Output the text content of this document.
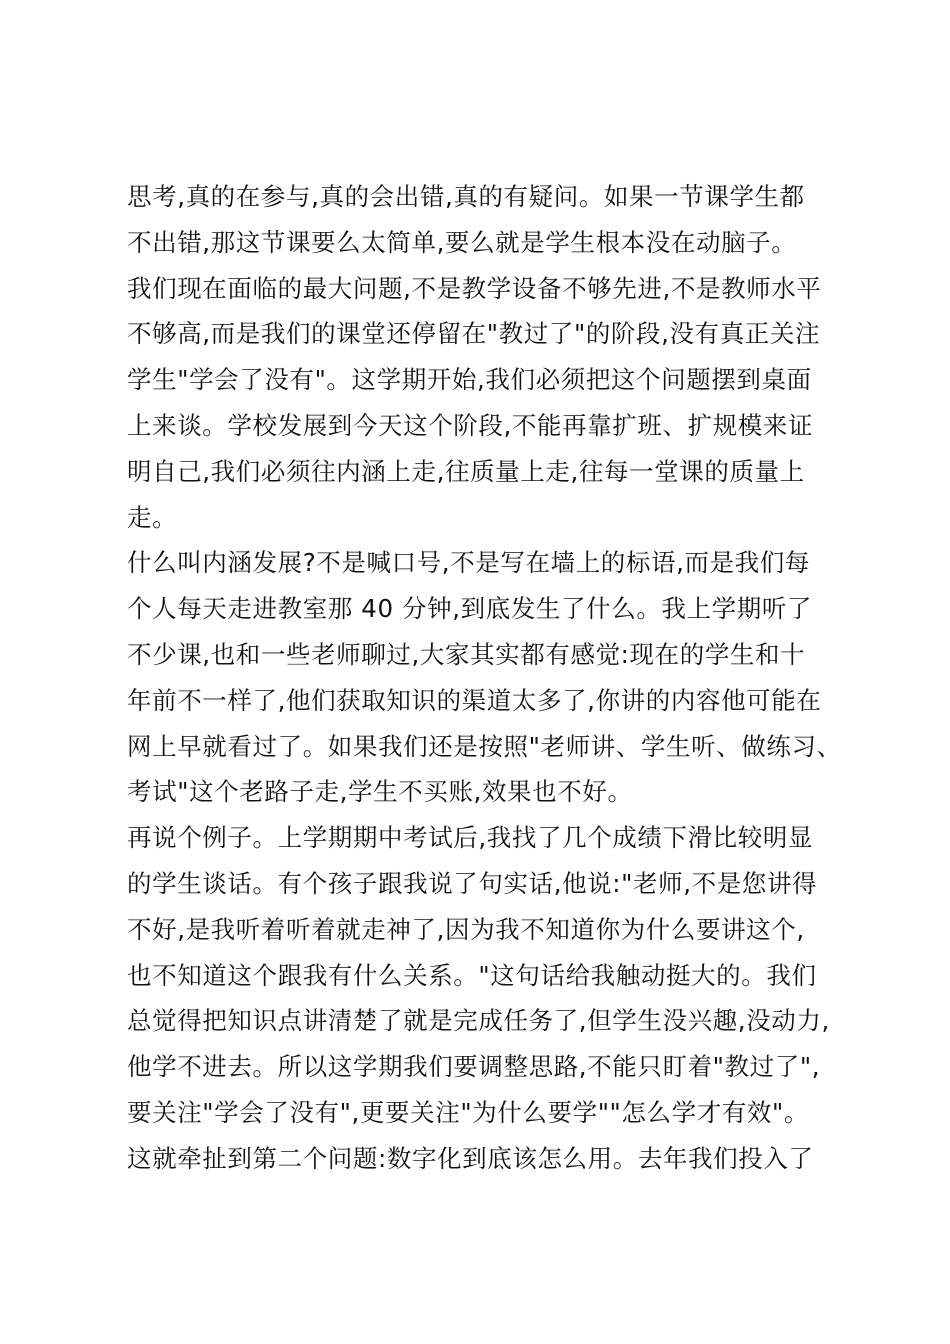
思考,真的在参与,真的会出错,真的有疑问。如果一节课学生都
不出错,那这节课要么太简单,要么就是学生根本没在动脑子。
我们现在面临的最大问题,不是教学设备不够先进,不是教师水平
不够高,而是我们的课堂还停留在"教过了"的阶段,没有真正关注
学生"学会了没有"。这学期开始,我们必须把这个问题摆到桌面
上来谈。学校发展到今天这个阶段,不能再靠扩班、扩规模来证
明自己,我们必须往内涵上走,往质量上走,往每一堂课的质量上
走。
什么叫内涵发展?不是喊口号,不是写在墙上的标语,而是我们每
个人每天走进教室那 40 分钟,到底发生了什么。我上学期听了
不少课,也和一些老师聊过,大家其实都有感觉:现在的学生和十
年前不一样了,他们获取知识的渠道太多了,你讲的内容他可能在
网上早就看过了。如果我们还是按照"老师讲、学生听、做练习、
考试"这个老路子走,学生不买账,效果也不好。
再说个例子。上学期期中考试后,我找了几个成绩下滑比较明显
的学生谈话。有个孩子跟我说了句实话,他说:"老师,不是您讲得
不好,是我听着听着就走神了,因为我不知道你为什么要讲这个,
也不知道这个跟我有什么关系。"这句话给我触动挺大的。我们
总觉得把知识点讲清楚了就是完成任务了,但学生没兴趣,没动力,
他学不进去。所以这学期我们要调整思路,不能只盯着"教过了",
要关注"学会了没有",更要关注"为什么要学""怎么学才有效"。
这就牵扯到第二个问题:数字化到底该怎么用。去年我们投入了
